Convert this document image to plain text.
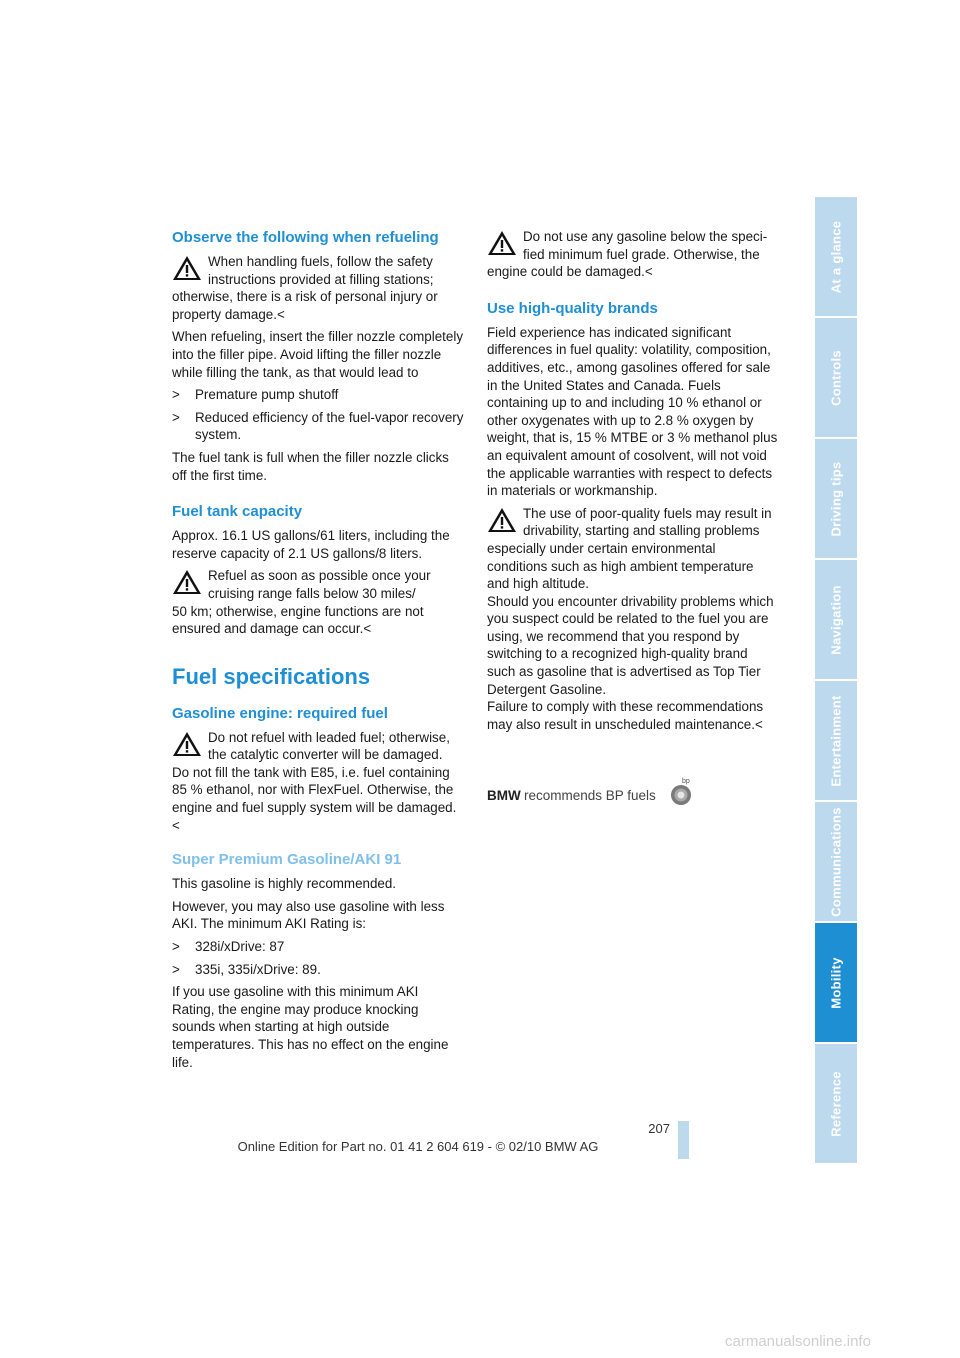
Observe the following when refueling
When handling fuels, follow the safety
instructions provided at filling stations;
otherwise, there is a risk of personal injury or property damage.<

When refueling, insert the filler nozzle completely into the filler pipe. Avoid lifting the filler nozzle while filling the tank, as that would lead to

> Premature pump shutoff
> Reduced efficiency of the fuel-vapor recovery system.

The fuel tank is full when the filler nozzle clicks off the first time.

Fuel tank capacity

Approx. 16.1 US gallons/61 liters, including the reserve capacity of 2.1 US gallons/8 liters.

Refuel as soon as possible once your
cruising range falls below 30 miles/
50 km; otherwise, engine functions are not ensured and damage can occur.<
Fuel specifications
Gasoline engine: required fuel
Do not refuel with leaded fuel; otherwise,
the catalytic converter will be damaged.
Do not fill the tank with E85, i.e. fuel containing 85 % ethanol, nor with FlexFuel. Otherwise, the engine and fuel supply system will be damaged.<
Super Premium Gasoline/AKI 91

This gasoline is highly recommended.

However, you may also use gasoline with less AKI. The minimum AKI Rating is:

> 328i/xDrive: 87
> 335i, 335i/xDrive: 89.

If you use gasoline with this minimum AKI Rating, the engine may produce knocking sounds when starting at high outside temperatures. This has no effect on the engine life.

Do not use any gasoline below the speci-
fied minimum fuel grade. Otherwise, the
engine could be damaged.<
Use high-quality brands

Field experience has indicated significant differences in fuel quality: volatility, composition, additives, etc., among gasolines offered for sale in the United States and Canada. Fuels containing up to and including 10 % ethanol or other oxygenates with up to 2.8 % oxygen by weight, that is, 15 % MTBE or 3 % methanol plus an equivalent amount of cosolvent, will not void the applicable warranties with respect to defects in materials or workmanship.

The use of poor-quality fuels may result in
drivability, starting and stalling problems
especially under certain environmental conditions such as high ambient temperature and high altitude.
Should you encounter drivability problems which you suspect could be related to the fuel you are using, we recommend that you respond by switching to a recognized high-quality brand such as gasoline that is advertised as Top Tier Detergent Gasoline.
Failure to comply with these recommendations may also result in unscheduled maintenance.<
BMW recommends BP fuels
bp
At a glance
Controls
Driving tips
Navigation
Entertainment
Communications
Mobility
Reference
207
Online Edition for Part no. 01 41 2 604 619 - © 02/10 BMW AG
carmanualsonline.info
